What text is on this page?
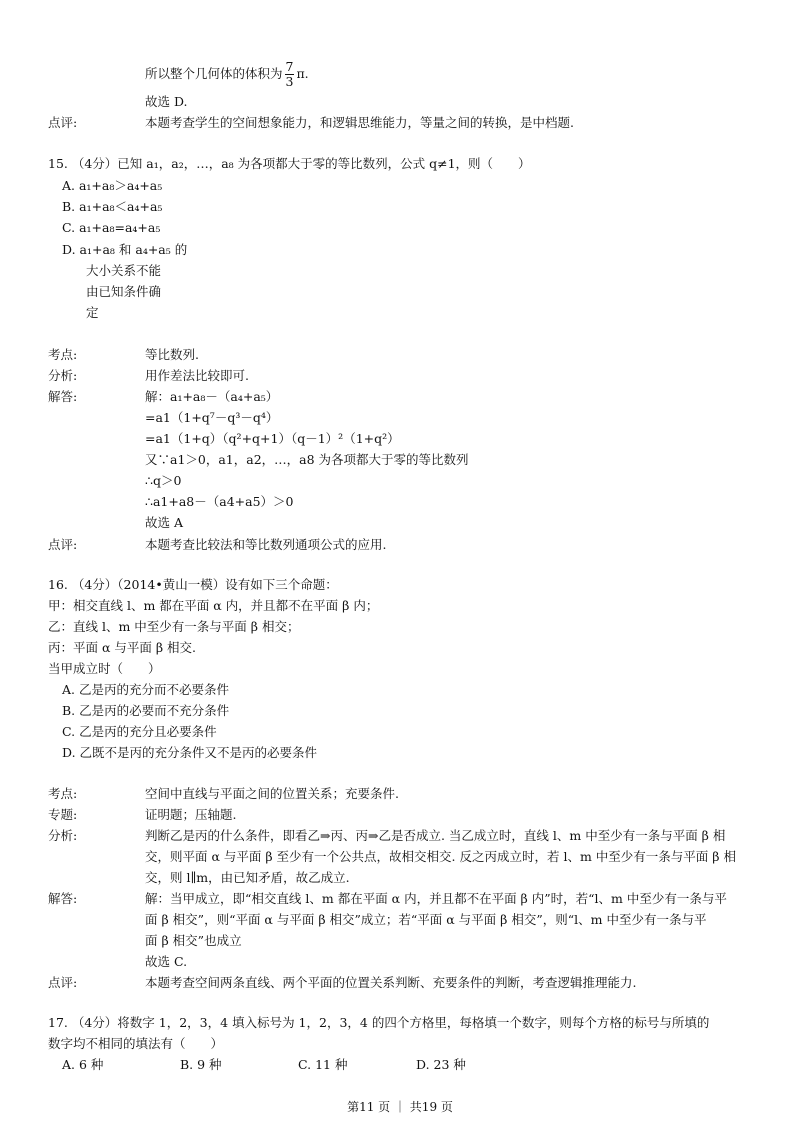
所以整个几何体的体积为 $\frac{7}{3} \pi$.
故选 D.
点评:	本题考查学生的空间想象能力，和逻辑思维能力，等量之间的转换，是中档题.
15. （4分）已知 a₁，a₂，…，a₈ 为各项都大于零的等比数列，公式 q≠1，则（　　）
A. a₁+a₈＞a₄+a₅
B. a₁+a₈＜a₄+a₅
C. a₁+a₈=a₄+a₅
D. a₁+a₈ 和 a₄+a₅ 的
大小关系不能
由已知条件确
定
考点:	等比数列.
分析:	用作差法比较即可.
解答:	解：a₁+a₈－（a₄+a₅）
=a1（1+q⁷－q³－q⁴）
=a1（1+q）（q²+q+1）（q－1）²（1+q²）
又∵a1＞0，a1，a2，…，a8 为各项都大于零的等比数列
∴q＞0
∴a1+a8－（a4+a5）＞0
故选 A
点评:	本题考查比较法和等比数列通项公式的应用.
16. （4分）（2014•黄山一模）设有如下三个命题：
甲：相交直线 l、m 都在平面 α 内，并且都不在平面 β 内；
乙：直线 l、m 中至少有一条与平面 β 相交；
丙：平面 α 与平面 β 相交.
当甲成立时（　　）
A. 乙是丙的充分而不必要条件
B. 乙是丙的必要而不充分条件
C. 乙是丙的充分且必要条件
D. 乙既不是丙的充分条件又不是丙的必要条件
考点:	空间中直线与平面之间的位置关系；充要条件.
专题:	证明题；压轴题.
分析:	判断乙是丙的什么条件，即看乙⇒丙、丙⇒乙是否成立. 当乙成立时，直线 l、m 中至少有一条与平面 β 相
交，则平面 α 与平面 β 至少有一个公共点，故相交相交. 反之丙成立时，若 l、m 中至少有一条与平面 β 相
交，则 l∥m，由已知矛盾，故乙成立.
解答:	解：当甲成立，即“相交直线 l、m 都在平面 α 内，并且都不在平面 β 内”时，若“l、m 中至少有一条与平
面 β 相交”，则“平面 α 与平面 β 相交”成立；若“平面 α 与平面 β 相交”，则“l、m 中至少有一条与平
面 β 相交”也成立
故选 C.
点评:	本题考查空间两条直线、两个平面的位置关系判断、充要条件的判断，考查逻辑推理能力.
17. （4分）将数字 1，2，3，4 填入标号为 1，2，3，4 的四个方格里，每格填一个数字，则每个方格的标号与所填的
数字均不相同的填法有（　　）
A. 6 种	B. 9 种	C. 11 种	D. 23 种
第11 页 ｜ 共19 页
